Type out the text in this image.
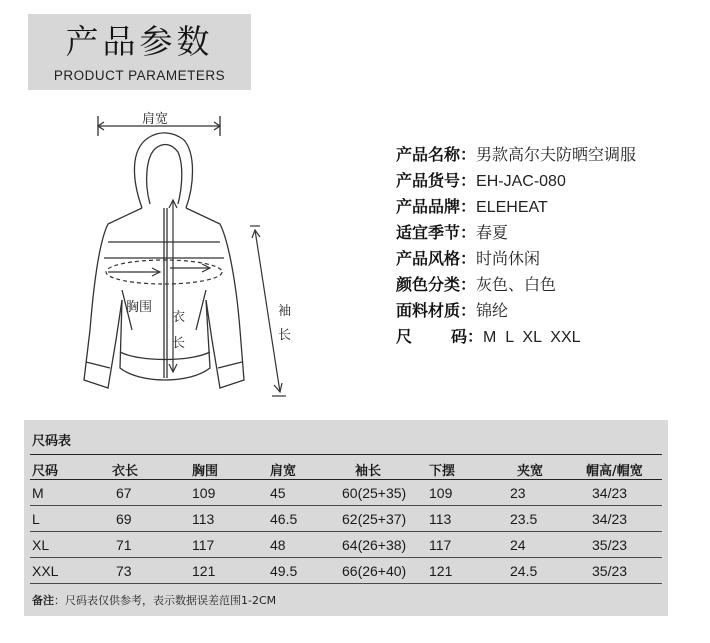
产品参数
PRODUCT PARAMETERS
肩宽
胸围
衣
长
袖
长
产品名称：男款高尔夫防晒空调服
产品货号：EH-JAC-080
产品品牌：ELEHEAT
适宜季节：春夏
产品风格：时尚休闲
颜色分类：灰色、白色
面料材质：锦纶
尺       码：M  L  XL  XXL
尺码表
尺码	衣长	胸围	肩宽	袖长	下摆	夹宽	帽高/帽宽
M	67	109	45	60(25+35) 109	23	34/23
L	69	113	46.5	62(25+37) 113	23.5	34/23
XL	71	117	48	64(26+38) 117	24	35/23
XXL	73	121	49.5	66(26+40) 121	24.5	35/23
备注：尺码表仅供参考，表示数据误差范围1-2CM
